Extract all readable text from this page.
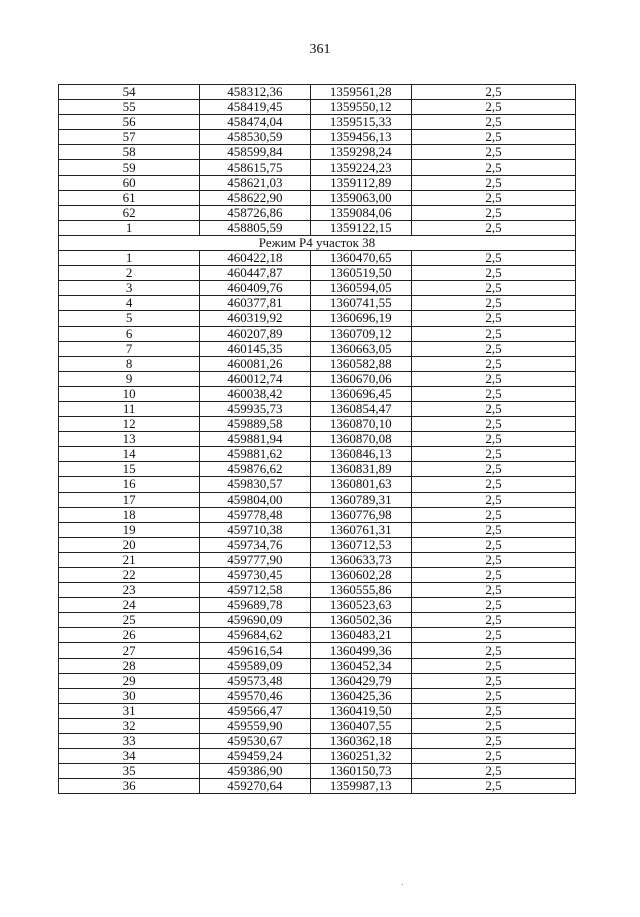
361
54	458312,36	1359561,28	2,5
55	458419,45	1359550,12	2,5
56	458474,04	1359515,33	2,5
57	458530,59	1359456,13	2,5
58	458599,84	1359298,24	2,5
59	458615,75	1359224,23	2,5
60	458621,03	1359112,89	2,5
61	458622,90	1359063,00	2,5
62	458726,86	1359084,06	2,5
1	458805,59	1359122,15	2,5
Режим Р4 участок 38			
1	460422,18	1360470,65	2,5
2	460447,87	1360519,50	2,5
3	460409,76	1360594,05	2,5
4	460377,81	1360741,55	2,5
5	460319,92	1360696,19	2,5
6	460207,89	1360709,12	2,5
7	460145,35	1360663,05	2,5
8	460081,26	1360582,88	2,5
9	460012,74	1360670,06	2,5
10	460038,42	1360696,45	2,5
11	459935,73	1360854,47	2,5
12	459889,58	1360870,10	2,5
13	459881,94	1360870,08	2,5
14	459881,62	1360846,13	2,5
15	459876,62	1360831,89	2,5
16	459830,57	1360801,63	2,5
17	459804,00	1360789,31	2,5
18	459778,48	1360776,98	2,5
19	459710,38	1360761,31	2,5
20	459734,76	1360712,53	2,5
21	459777,90	1360633,73	2,5
22	459730,45	1360602,28	2,5
23	459712,58	1360555,86	2,5
24	459689,78	1360523,63	2,5
25	459690,09	1360502,36	2,5
26	459684,62	1360483,21	2,5
27	459616,54	1360499,36	2,5
28	459589,09	1360452,34	2,5
29	459573,48	1360429,79	2,5
30	459570,46	1360425,36	2,5
31	459566,47	1360419,50	2,5
32	459559,90	1360407,55	2,5
33	459530,67	1360362,18	2,5
34	459459,24	1360251,32	2,5
35	459386,90	1360150,73	2,5
36	459270,64	1359987,13	2,5
